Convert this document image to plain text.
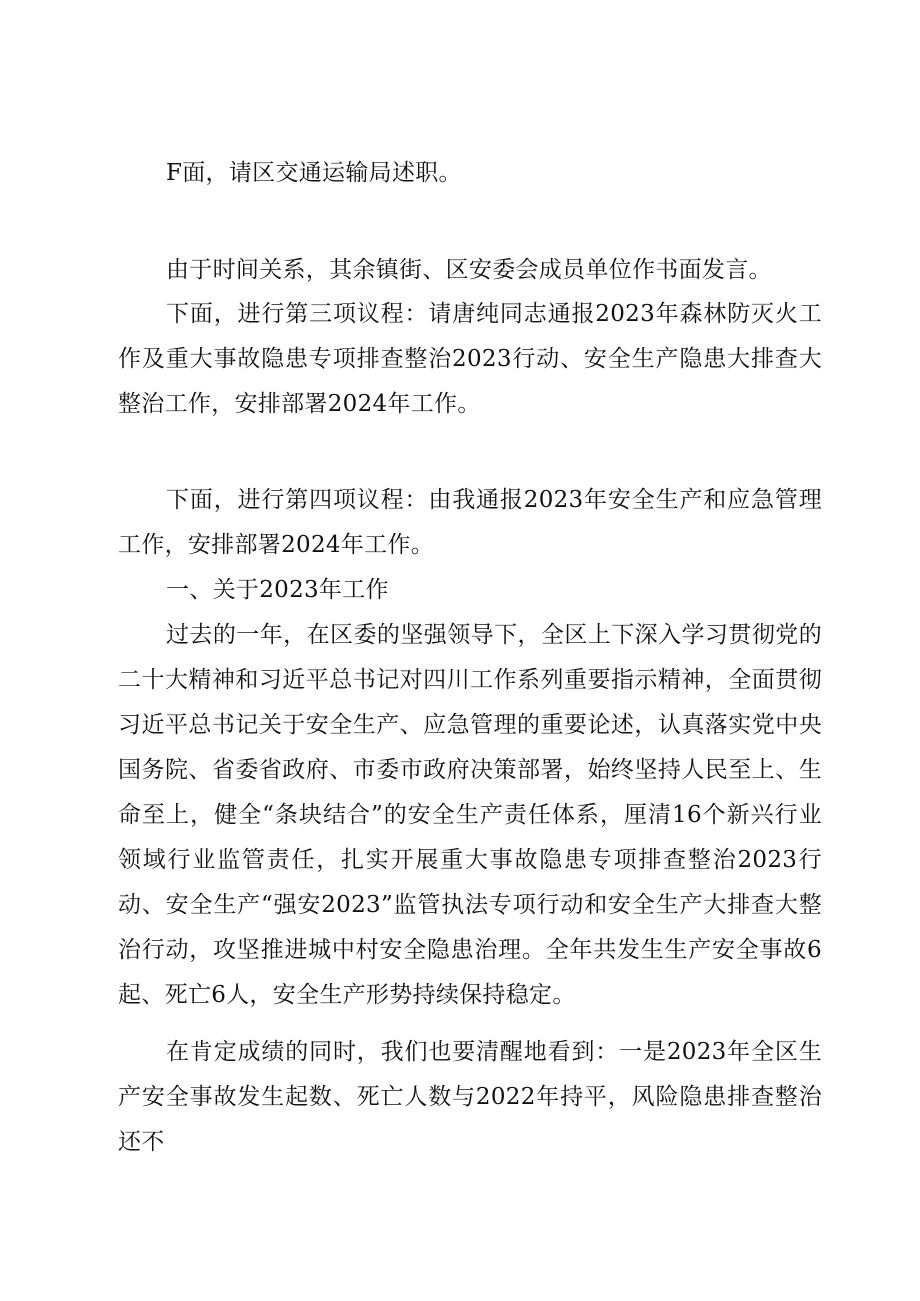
F面，请区交通运输局述职。

由于时间关系，其余镇街、区安委会成员单位作书面发言。

下面，进行第三项议程：请唐纯同志通报2023年森林防灭火工作及重大事故隐患专项排查整治2023行动、安全生产隐患大排查大整治工作，安排部署2024年工作。

下面，进行第四项议程：由我通报2023年安全生产和应急管理工作，安排部署2024年工作。

一、关于2023年工作

过去的一年，在区委的坚强领导下，全区上下深入学习贯彻党的二十大精神和习近平总书记对四川工作系列重要指示精神，全面贯彻习近平总书记关于安全生产、应急管理的重要论述，认真落实党中央国务院、省委省政府、市委市政府决策部署，始终坚持人民至上、生命至上，健全“条块结合”的安全生产责任体系，厘清16个新兴行业领域行业监管责任，扎实开展重大事故隐患专项排查整治2023行动、安全生产“强安2023”监管执法专项行动和安全生产大排查大整治行动，攻坚推进城中村安全隐患治理。全年共发生生产安全事故6起、死亡6人，安全生产形势持续保持稳定。

在肯定成绩的同时，我们也要清醒地看到：一是2023年全区生产安全事故发生起数、死亡人数与2022年持平，风险隐患排查整治还不
